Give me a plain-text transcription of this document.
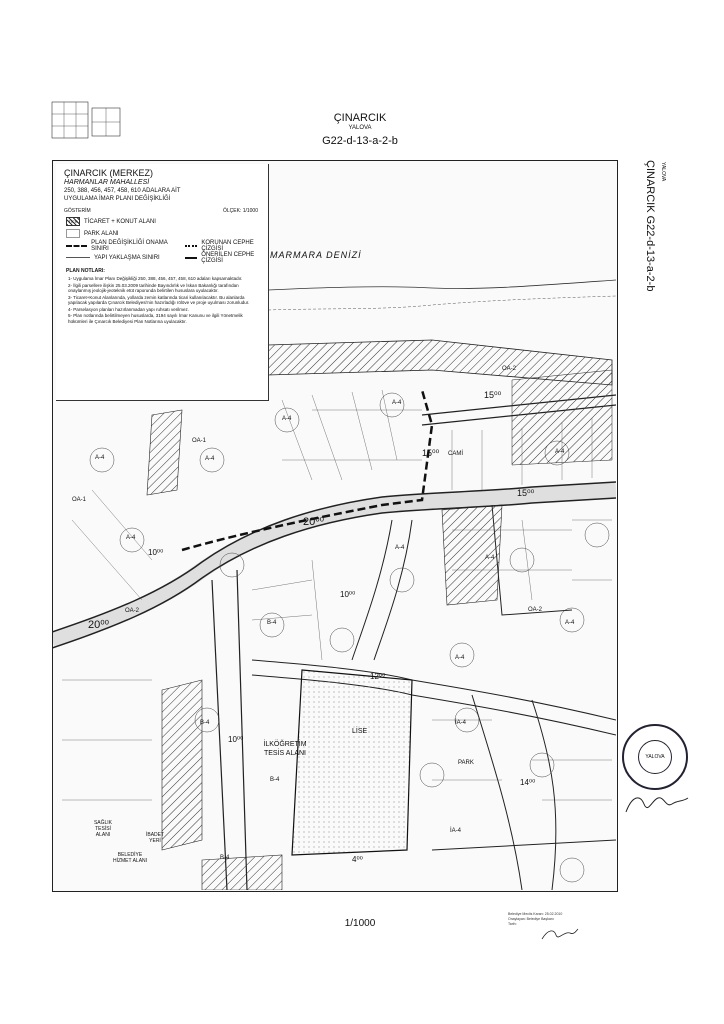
ÇINARCIK
YALOVA
G22-d-13-a-2-b
ÇINARCIK G22-d-13-a-2-b YALOVA
ÇINARCIK (MERKEZ)
HARMANLAR MAHALLESİ
250, 388, 456, 457, 458, 610 ADALARA AİT
UYGULAMA İMAR PLANI DEĞİŞİKLİĞİ
GÖSTERİM	ÖLÇEK: 1/1000
TİCK	TİCARET + KONUT ALANI
PARK ALANI
PLAN DEĞİŞİKLİĞİ ONAMA SINIRI
YAPI YAKLAŞMA SINIRI
KORUNAN CEPHE ÇİZGİSİ
ÖNERİLEN CEPHE ÇİZGİSİ
PLAN NOTLARI:
1- Uygulama İmar Planı Değişikliği 250, 388, 456, 457, 458, 610 adaları kapsamaktadır.
2- İlgili parsellere ilişkin 25.03.2009 tarihinde Bayındırlık ve İskan Bakanlığı tarafından onaylanmış jeolojik-jeoteknik etüt raporunda belirtilen hususlara uyulacaktır.
3- Ticaret+Konut Alanlarında, yollarda zemin katlarında ticari kullanılacaktır. Bu alanlarda yapılacak yapılarda Çınarcık Belediyesi'nin hazırladığı rölöve ve proje uyulması zorunludur.
4- Parselasyon planları hazırlanmadan yapı ruhsatı verilmez.
5- Plan notlarında belirtilmeyen hususlarda, 3194 sayılı İmar Kanunu ve ilgili Yönetmelik hükümleri ile Çınarcık Belediyesi Plan Notlarına uyulacaktır.
MARMARA DENİZİ
İLKÖĞRETİM TESİS ALANI
LİSE
PARK
CAMİ
SAĞLIK TESİSİ ALANI	İBADET YERİ
BELEDİYE HİZMET ALANI
20⁰⁰
20⁰⁰
15⁰⁰
15⁰⁰
15⁰⁰
12⁰⁰
10⁰⁰
10⁰⁰
10⁰⁰
14⁰⁰
4⁰⁰
A-4
A-4
A-4
A-4
A-4
A-4
A-4
A-4
A-4
A-4
B-4
B-4
B-4
B-4
OA-1
OA-2	OA-2
OA-1
OA-2
İA-4
İA-4
1/1000
YALOVA
Belediye Meclis Kararı: 25.02.2010
Onaylayan: Belediye Başkanı
Tarih:
